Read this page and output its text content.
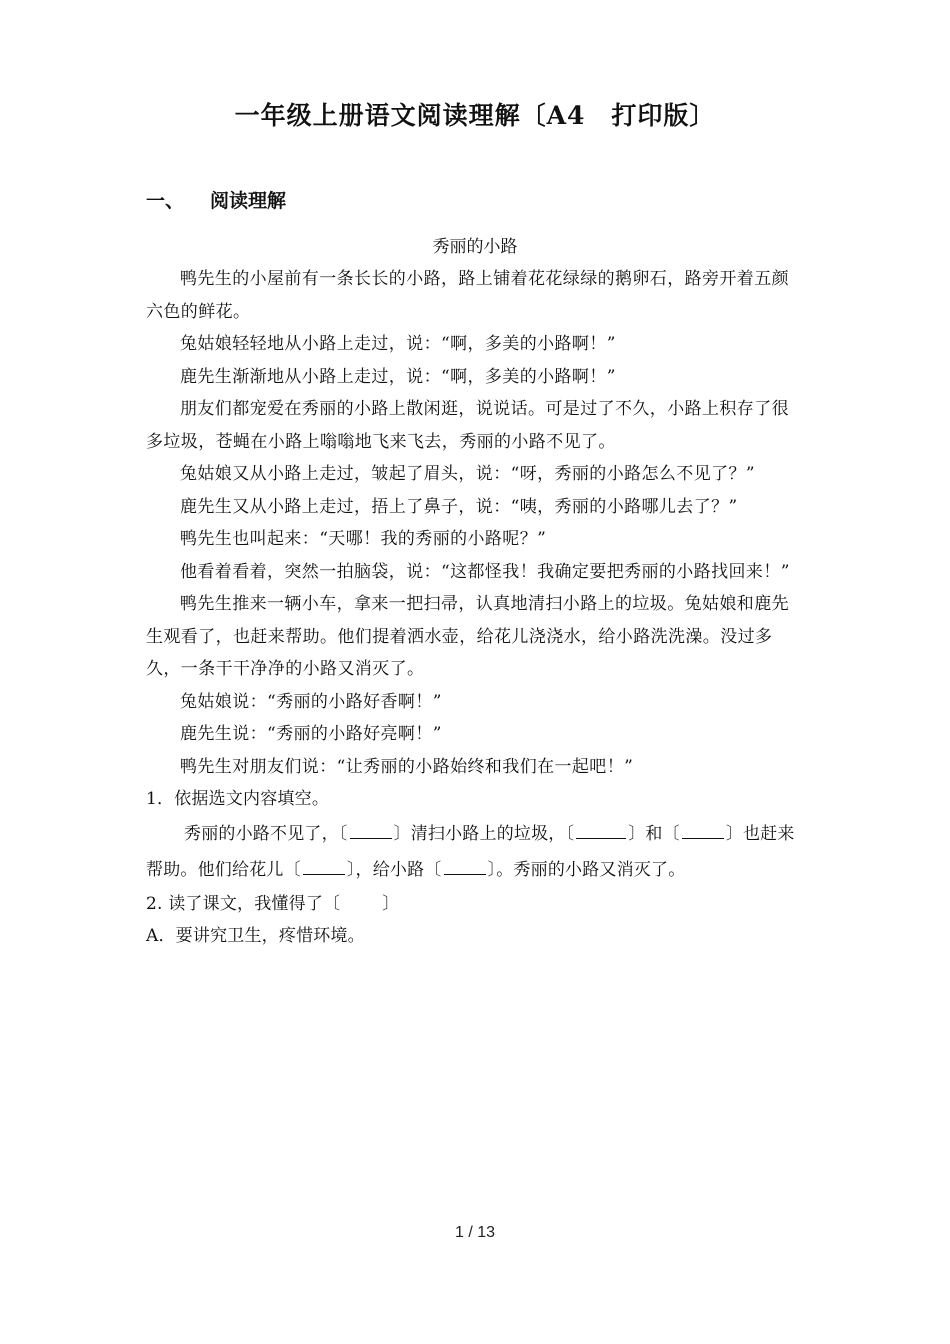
一年级上册语文阅读理解〔A4　打印版〕
一、 阅读理解
秀丽的小路

鸭先生的小屋前有一条长长的小路，路上铺着花花绿绿的鹅卵石，路旁开着五颜六色的鲜花。

兔姑娘轻轻地从小路上走过，说：“啊，多美的小路啊！”

鹿先生渐渐地从小路上走过，说：“啊，多美的小路啊！”

朋友们都宠爱在秀丽的小路上散闲逛，说说话。可是过了不久，小路上积存了很多垃圾，苍蝇在小路上嗡嗡地飞来飞去，秀丽的小路不见了。

兔姑娘又从小路上走过，皱起了眉头，说：“呀，秀丽的小路怎么不见了？”

鹿先生又从小路上走过，捂上了鼻子，说：“咦，秀丽的小路哪儿去了？”

鸭先生也叫起来：“天哪！我的秀丽的小路呢？”

他看着看着，突然一拍脑袋，说：“这都怪我！我确定要把秀丽的小路找回来！”

鸭先生推来一辆小车，拿来一把扫帚，认真地清扫小路上的垃圾。兔姑娘和鹿先生观看了，也赶来帮助。他们提着洒水壶，给花儿浇浇水，给小路洗洗澡。没过多久，一条干干净净的小路又消灭了。

兔姑娘说：“秀丽的小路好香啊！”

鹿先生说：“秀丽的小路好亮啊！”

鸭先生对朋友们说：“让秀丽的小路始终和我们在一起吧！”

1．依据选文内容填空。

秀丽的小路不见了，〔	〕清扫小路上的垃圾，〔	〕和〔	〕也赶来帮助。他们给花儿〔	〕，给小路〔	〕。秀丽的小路又消灭了。

2. 读了课文，我懂得了〔 〕

A．要讲究卫生，疼惜环境。

1 / 13
